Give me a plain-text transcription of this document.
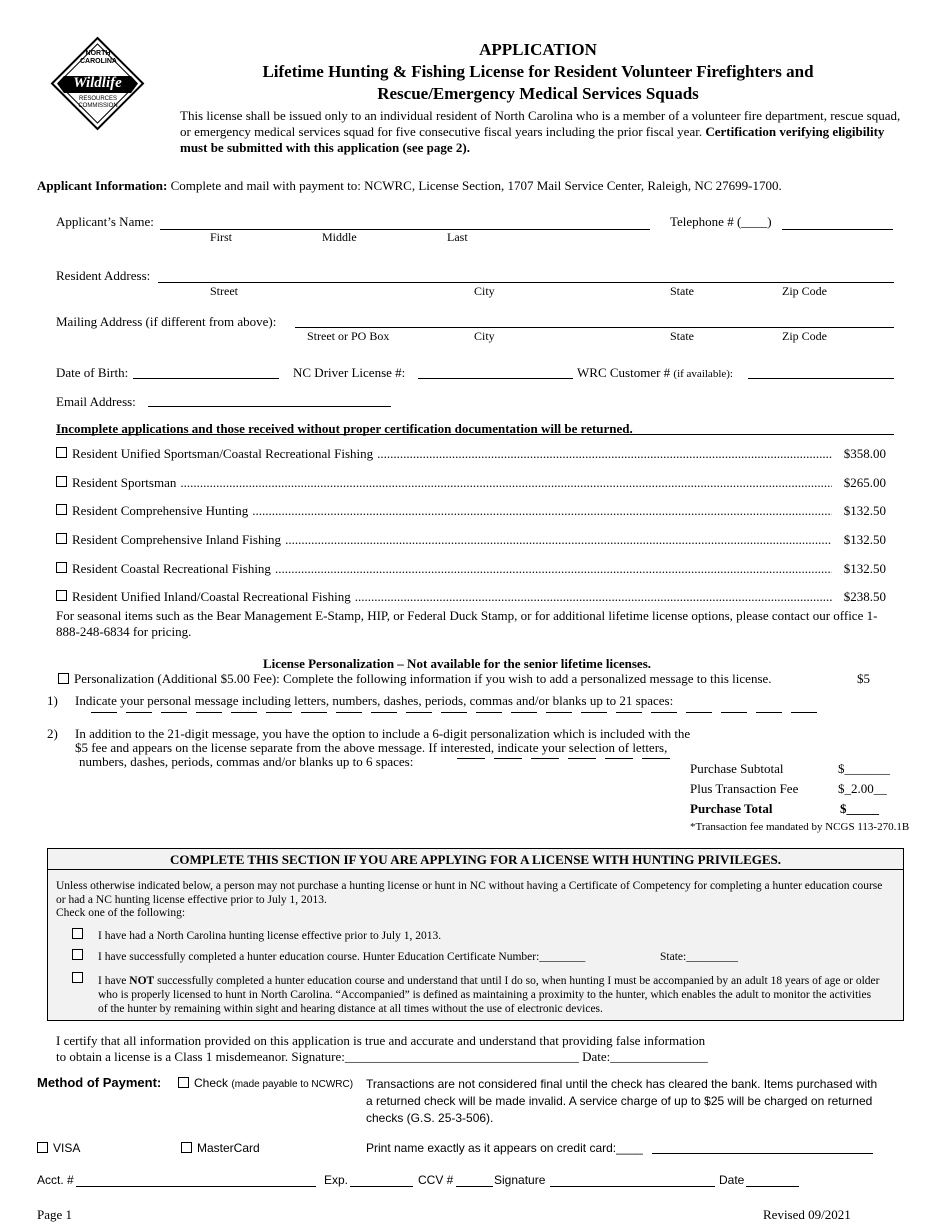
NORTH CAROLINA
Wildlife
RESOURCES COMMISSION
APPLICATION
Lifetime Hunting & Fishing License for Resident Volunteer Firefighters and
Rescue/Emergency Medical Services Squads
This license shall be issued only to an individual resident of North Carolina who is a member of a volunteer fire department, rescue squad, or emergency medical services squad for five consecutive fiscal years including the prior fiscal year. Certification verifying eligibility must be submitted with this application (see page 2).
Applicant Information: Complete and mail with payment to: NCWRC, License Section, 1707 Mail Service Center, Raleigh, NC 27699-1700.
Applicant’s Name:
First	Middle	Last
Telephone # (____)
Resident Address:
Street	City	State	Zip Code
Mailing Address (if different from above):
Street or PO Box	City	State	Zip Code
Date of Birth:	NC Driver License #:	WRC Customer # (if available):
Email Address:
Incomplete applications and those received without proper certification documentation will be returned.
Resident Unified Sportsman/Coastal Recreational Fishing .....	$358.00
Resident Sportsman .....	$265.00
Resident Comprehensive Hunting .....	$132.50
Resident Comprehensive Inland Fishing .....	$132.50
Resident Coastal Recreational Fishing .....	$132.50
Resident Unified Inland/Coastal Recreational Fishing .....	$238.50
For seasonal items such as the Bear Management E-Stamp, HIP, or Federal Duck Stamp, or for additional lifetime license options, please contact our office 1-888-248-6834 for pricing.
License Personalization – Not available for the senior lifetime licenses.
Personalization (Additional $5.00 Fee): Complete the following information if you wish to add a personalized message to this license.	$5
1) Indicate your personal message including letters, numbers, dashes, periods, commas and/or blanks up to 21 spaces:
2) In addition to the 21-digit message, you have the option to include a 6-digit personalization which is included with the
$5 fee and appears on the license separate from the above message. If interested, indicate your selection of letters,
numbers, dashes, periods, commas and/or blanks up to 6 spaces:	Purchase Subtotal	$_______
Plus Transaction Fee	$_2.00__
Purchase Total	$_____
*Transaction fee mandated by NCGS 113-270.1B
COMPLETE THIS SECTION IF YOU ARE APPLYING FOR A LICENSE WITH HUNTING PRIVILEGES.
Unless otherwise indicated below, a person may not purchase a hunting license or hunt in NC without having a Certificate of Competency for completing a hunter education course or had a NC hunting license effective prior to July 1, 2013.
Check one of the following:
I have had a North Carolina hunting license effective prior to July 1, 2013.
I have successfully completed a hunter education course. Hunter Education Certificate Number:________	State:_________
I have NOT successfully completed a hunter education course and understand that until I do so, when hunting I must be accompanied by an adult 18 years of age or older who is properly licensed to hunt in North Carolina. “Accompanied” is defined as maintaining a proximity to the hunter, which enables the adult to monitor the activities of the hunter by remaining within sight and hearing distance at all times without the use of electronic devices.
I certify that all information provided on this application is true and accurate and understand that providing false information
to obtain a license is a Class 1 misdemeanor. Signature:____________________________________ Date:_______________
Method of Payment:	Check (made payable to NCWRC) Transactions are not considered final until the check has cleared the bank. Items purchased with a returned check will be made invalid. A service charge of up to $25 will be charged on returned checks (G.S. 25-3-506).
VISA	MasterCard	Print name exactly as it appears on credit card:____
Acct. #	Exp.	CCV #	Signature	Date
Page 1	Revised 09/2021
